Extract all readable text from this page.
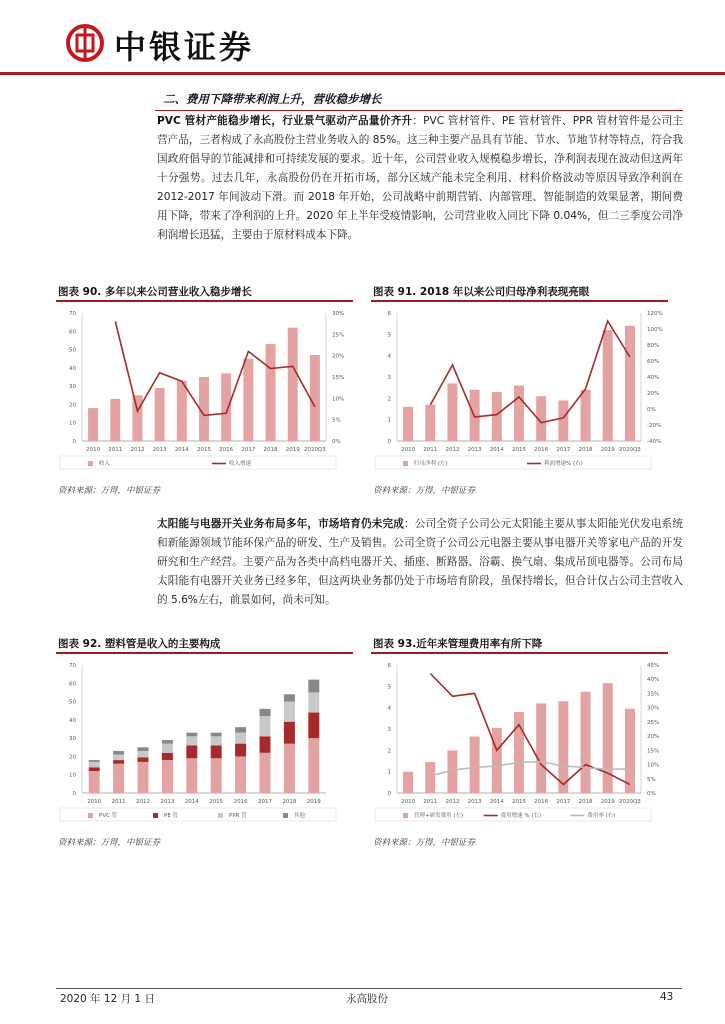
中银证券
二、费用下降带来利润上升，营收稳步增长
PVC 管材产能稳步增长，行业景气驱动产品量价齐升：PVC 管材管件、PE 管材管件、PPR 管材管件是公司主营产品，三者构成了永高股份主营业务收入的 85%。这三种主要产品具有节能、节水、节地节材等特点，符合我国政府倡导的节能减排和可持续发展的要求。近十年，公司营业收入规模稳步增长，净利润表现在波动但这两年十分强势。过去几年，永高股份仍在开拓市场，部分区域产能未完全利用、材料价格波动等原因导致净利润在 2012-2017 年间波动下滑。而 2018 年开始，公司战略中前期营销、内部管理、智能制造的效果显著，期间费用下降，带来了净利润的上升。2020 年上半年受疫情影响，公司营业收入同比下降 0.04%，但二三季度公司净利润增长迅猛，主要由于原材料成本下降。
图表 90. 多年以来公司营业收入稳步增长
0
10
20
30
40
50
60
70
0%
5%
10%
15%
20%
25%
30%
2010 2011 2012 2013 2014 2015 2016 2017 2018 2019 2020Q3
收入	收入增速
资料来源：万得，中银证券
图表 91. 2018 年以来公司归母净利表现亮眼
0
1
2
3
4
5
6
-40%
-20%
0%
20%
40%
60%
80%
100%
120%
2010 2011 2012 2013 2014 2015 2016 2017 2018 2019 2020Q3
归母净利 (左)	利润增速% (右)
资料来源：万得，中银证券
太阳能与电器开关业务布局多年，市场培育仍未完成：公司全资子公司公元太阳能主要从事太阳能光伏发电系统和新能源领域节能环保产品的研发、生产及销售。公司全资子公司公元电器主要从事电器开关等家电产品的开发研究和生产经营。主要产品为各类中高档电器开关、插座、断路器、浴霸、换气扇、集成吊顶电器等。公司布局太阳能有电器开关业务已经多年，但这两块业务都仍处于市场培育阶段，虽保持增长，但合计仅占公司主营收入的 5.6%左右，前景如何，尚未可知。
图表 92. 塑料管是收入的主要构成
0
10
20
30
40
50
60
70
2010 2011 2012 2013 2014 2015 2016 2017 2018 2019
PVC 管	PE 管	PPR 管	其他
资料来源：万得，中银证券
图表 93.近年来管理费用率有所下降
0
1
2
3
4
5
6
0%
5%
10%
15%
20%
25%
30%
35%
40%
45%
2010 2011 2012 2013 2014 2015 2016 2017 2018 2019 2020Q3
管理+研发费用 (左)	费用增速 % (右)	费用率 (右)
资料来源：万得，中银证券
2020 年 12 月 1 日	永高股份	43
